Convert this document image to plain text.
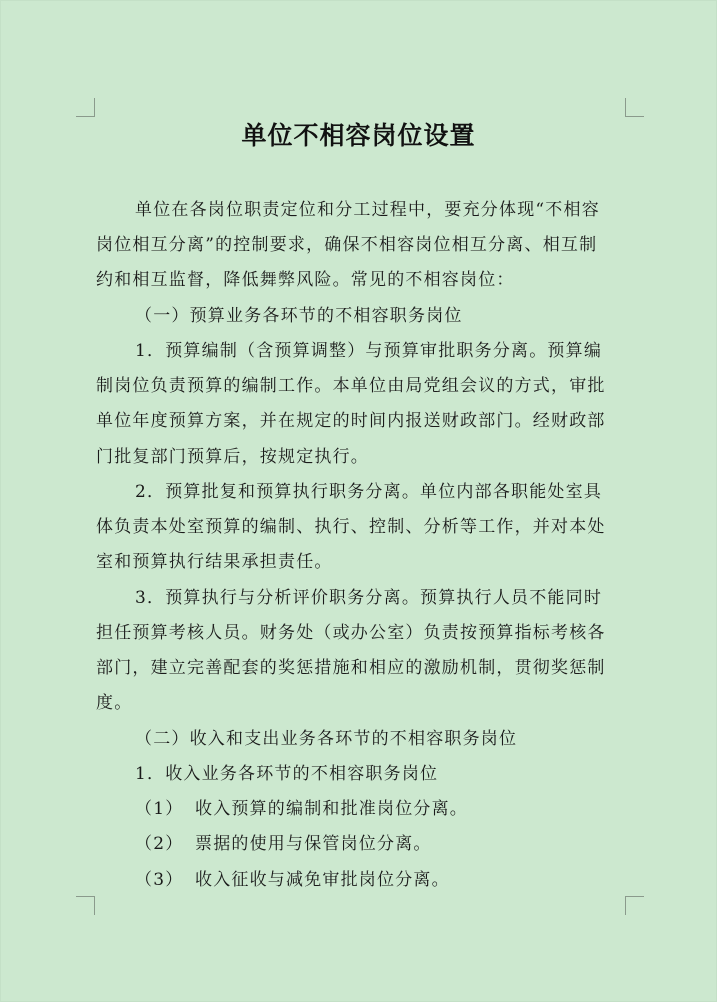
单位不相容岗位设置
单位在各岗位职责定位和分工过程中，要充分体现“不相容
岗位相互分离”的控制要求，确保不相容岗位相互分离、相互制
约和相互监督，降低舞弊风险。常见的不相容岗位：
（一）预算业务各环节的不相容职务岗位
1．预算编制（含预算调整）与预算审批职务分离。预算编
制岗位负责预算的编制工作。本单位由局党组会议的方式，审批
单位年度预算方案，并在规定的时间内报送财政部门。经财政部
门批复部门预算后，按规定执行。
2．预算批复和预算执行职务分离。单位内部各职能处室具
体负责本处室预算的编制、执行、控制、分析等工作，并对本处
室和预算执行结果承担责任。
3．预算执行与分析评价职务分离。预算执行人员不能同时
担任预算考核人员。财务处（或办公室）负责按预算指标考核各
部门，建立完善配套的奖惩措施和相应的激励机制，贯彻奖惩制
度。
（二）收入和支出业务各环节的不相容职务岗位
1．收入业务各环节的不相容职务岗位
（1） 收入预算的编制和批准岗位分离。
（2） 票据的使用与保管岗位分离。
（3） 收入征收与减免审批岗位分离。
